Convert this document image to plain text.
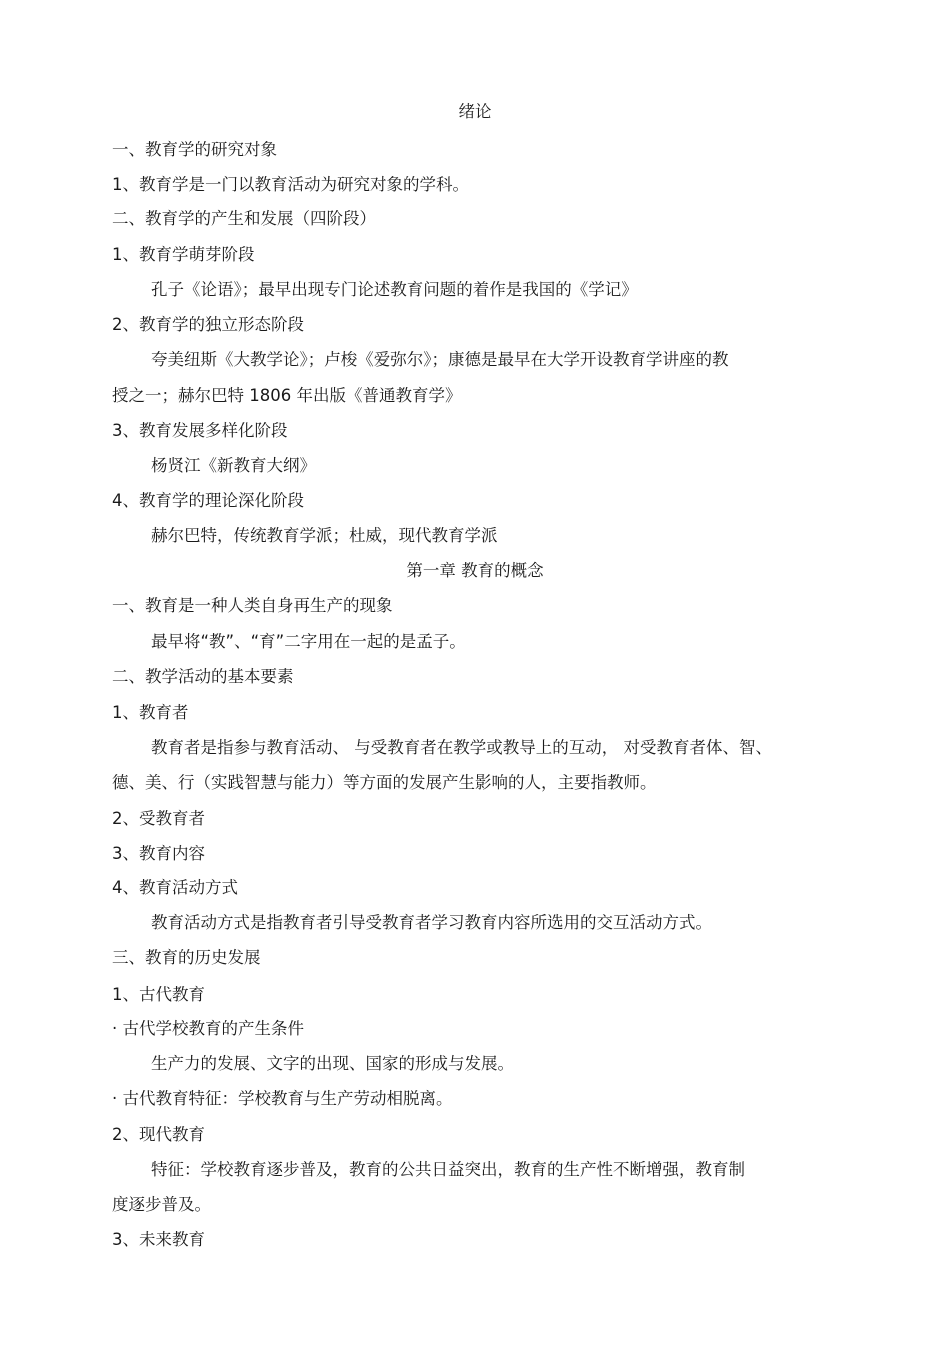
绪论
一、教育学的研究对象
1、教育学是一门以教育活动为研究对象的学科。
二、教育学的产生和发展（四阶段）
1、教育学萌芽阶段
孔子《论语》；最早出现专门论述教育问题的着作是我国的《学记》
2、教育学的独立形态阶段
夸美纽斯《大教学论》；卢梭《爱弥尔》；康德是最早在大学开设教育学讲座的教
授之一；赫尔巴特 1806 年出版《普通教育学》
3、教育发展多样化阶段
杨贤江《新教育大纲》
4、教育学的理论深化阶段
赫尔巴特，传统教育学派；杜威，现代教育学派
第一章 教育的概念
一、教育是一种人类自身再生产的现象
最早将“教”、“育”二字用在一起的是孟子。
二、教学活动的基本要素
1、教育者
教育者是指参与教育活动、 与受教育者在教学或教导上的互动， 对受教育者体、智、
德、美、行（实践智慧与能力）等方面的发展产生影响的人，主要指教师。
2、受教育者
3、教育内容
4、教育活动方式
教育活动方式是指教育者引导受教育者学习教育内容所选用的交互活动方式。
三、教育的历史发展
1、古代教育
· 古代学校教育的产生条件
生产力的发展、文字的出现、国家的形成与发展。
· 古代教育特征：学校教育与生产劳动相脱离。
2、现代教育
特征：学校教育逐步普及，教育的公共日益突出，教育的生产性不断增强，教育制
度逐步普及。
3、未来教育
